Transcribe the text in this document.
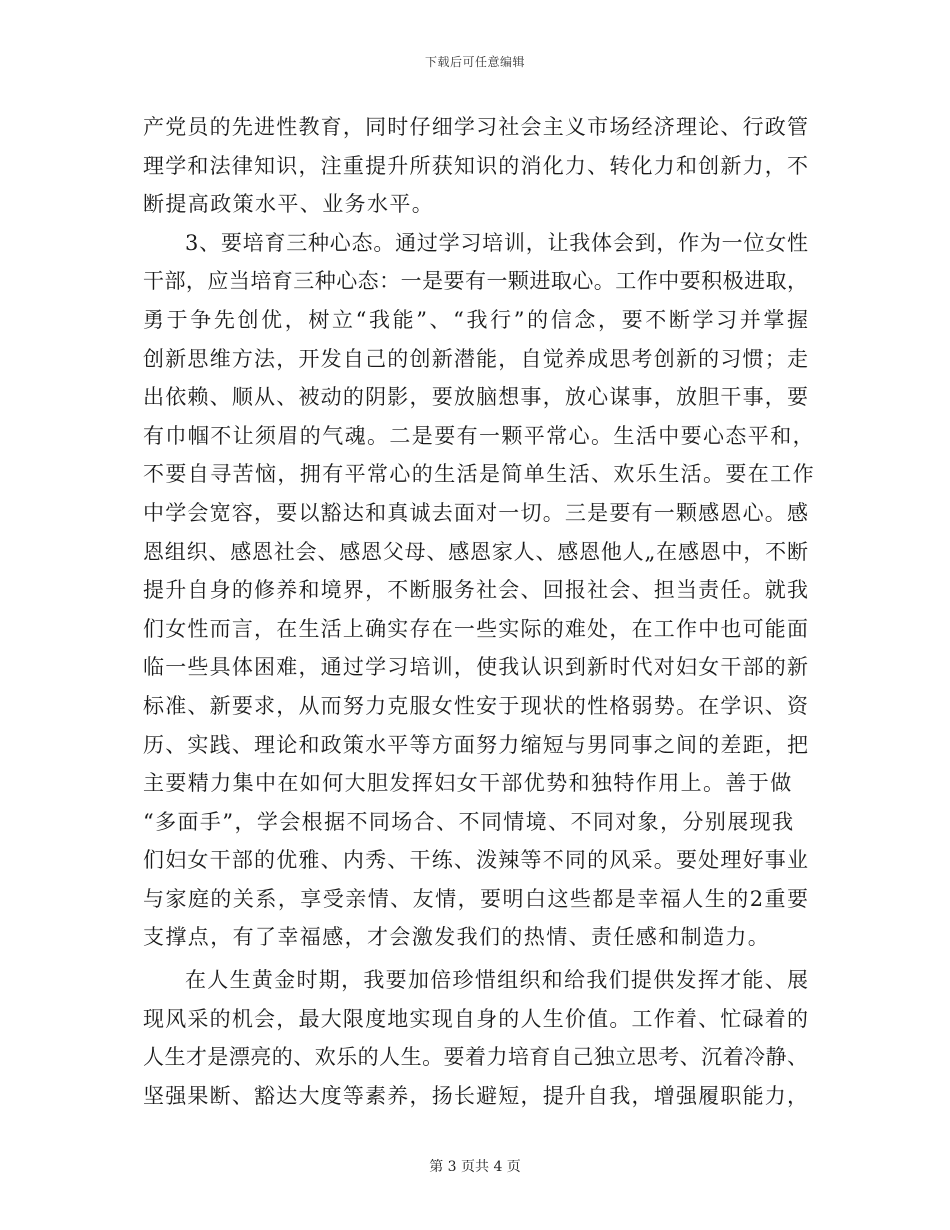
下载后可任意编辑
产党员的先进性教育，同时仔细学习社会主义市场经济理论、行政管
理学和法律知识，注重提升所获知识的消化力、转化力和创新力，不
断提高政策水平、业务水平。
3、要培育三种心态。通过学习培训，让我体会到，作为一位女性
干部，应当培育三种心态：一是要有一颗进取心。工作中要积极进取，
勇于争先创优，树立“我能”、“我行”的信念，要不断学习并掌握
创新思维方法，开发自己的创新潜能，自觉养成思考创新的习惯；走
出依赖、顺从、被动的阴影，要放脑想事，放心谋事，放胆干事，要
有巾帼不让须眉的气魂。二是要有一颗平常心。生活中要心态平和，
不要自寻苦恼，拥有平常心的生活是简单生活、欢乐生活。要在工作
中学会宽容，要以豁达和真诚去面对一切。三是要有一颗感恩心。感
恩组织、感恩社会、感恩父母、感恩家人、感恩他人„在感恩中，不断
提升自身的修养和境界，不断服务社会、回报社会、担当责任。就我
们女性而言，在生活上确实存在一些实际的难处，在工作中也可能面
临一些具体困难，通过学习培训，使我认识到新时代对妇女干部的新
标准、新要求，从而努力克服女性安于现状的性格弱势。在学识、资
历、实践、理论和政策水平等方面努力缩短与男同事之间的差距，把
主要精力集中在如何大胆发挥妇女干部优势和独特作用上。善于做
“多面手”，学会根据不同场合、不同情境、不同对象，分别展现我
们妇女干部的优雅、内秀、干练、泼辣等不同的风采。要处理好事业
与家庭的关系，享受亲情、友情，要明白这些都是幸福人生的2重要
支撑点，有了幸福感，才会激发我们的热情、责任感和制造力。
在人生黄金时期，我要加倍珍惜组织和给我们提供发挥才能、展
现风采的机会，最大限度地实现自身的人生价值。工作着、忙碌着的
人生才是漂亮的、欢乐的人生。要着力培育自己独立思考、沉着冷静、
坚强果断、豁达大度等素养，扬长避短，提升自我，增强履职能力，
第 3 页共 4 页
